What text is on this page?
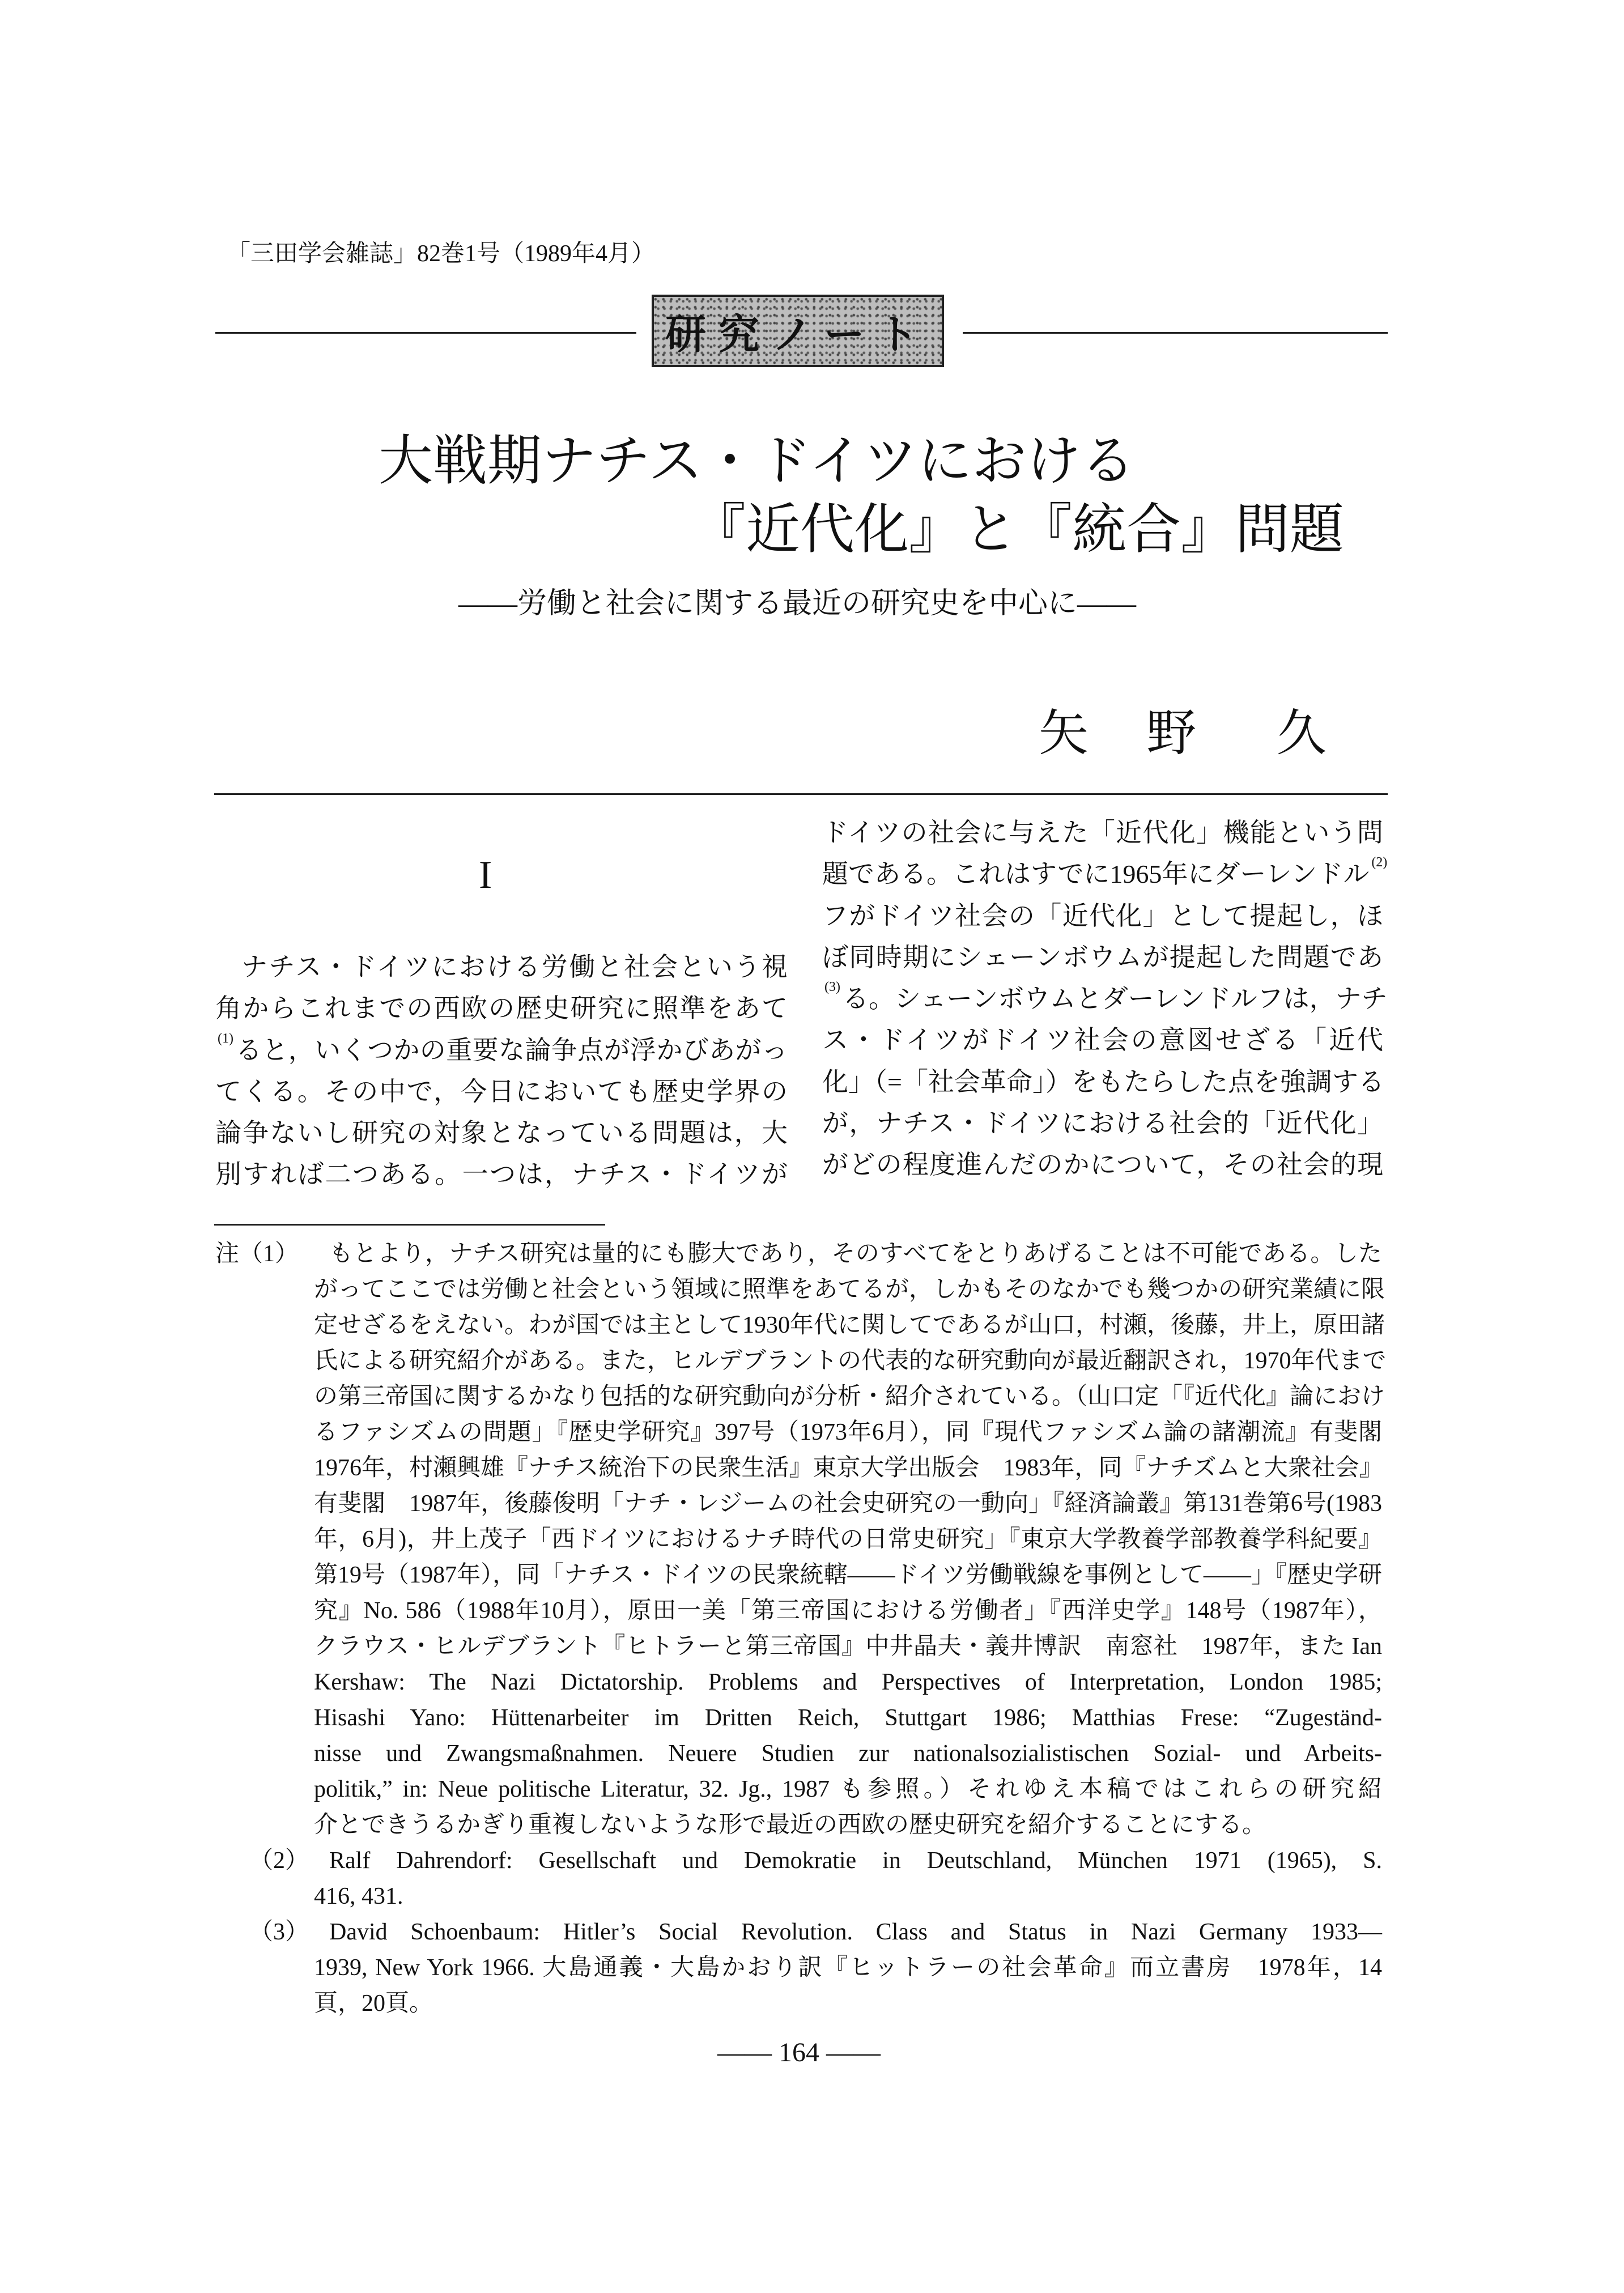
「三田学会雑誌」82巻1号（1989年4月）
研究ノート
大戦期ナチス・ドイツにおける
『近代化』と『統合』問題
――労働と社会に関する最近の研究史を中心に――
矢 野 久
I
ナチス・ドイツにおける労働と社会という視
角からこれまでの西欧の歴史研究に照準をあて
(1) ると，いくつかの重要な論争点が浮かびあがっ
てくる。その中で，今日においても歴史学界の
論争ないし研究の対象となっている問題は，大
別すれば二つある。一つは，ナチス・ドイツが
ドイツの社会に与えた「近代化」機能という問
題である。これはすでに1965年にダーレンドル (2)
フがドイツ社会の「近代化」として提起し，ほ
ぼ同時期にシェーンボウムが提起した問題であ
(3) る。シェーンボウムとダーレンドルフは，ナチ
ス・ドイツがドイツ社会の意図せざる「近代
化」（=「社会革命」）をもたらした点を強調する
が，ナチス・ドイツにおける社会的「近代化」
がどの程度進んだのかについて，その社会的現
注（1）
（2）
（3）
もとより，ナチス研究は量的にも膨大であり，そのすべてをとりあげることは不可能である。した
がってここでは労働と社会という領域に照準をあてるが，しかもそのなかでも幾つかの研究業績に限
定せざるをえない。わが国では主として1930年代に関してであるが山口，村瀬，後藤，井上，原田諸
氏による研究紹介がある。また，ヒルデブラントの代表的な研究動向が最近翻訳され，1970年代まで
の第三帝国に関するかなり包括的な研究動向が分析・紹介されている。（山口定「『近代化』論におけ
るファシズムの問題」『歴史学研究』397号（1973年6月），同『現代ファシズム論の諸潮流』有斐閣
1976年，村瀬興雄『ナチス統治下の民衆生活』東京大学出版会　1983年，同『ナチズムと大衆社会』
有斐閣　1987年，後藤俊明「ナチ・レジームの社会史研究の一動向」『経済論叢』第131巻第6号(1983
年，6月)，井上茂子「西ドイツにおけるナチ時代の日常史研究」『東京大学教養学部教養学科紀要』
第19号（1987年），同「ナチス・ドイツの民衆統轄――ドイツ労働戦線を事例として――」『歴史学研
究』No. 586（1988年10月），原田一美「第三帝国における労働者」『西洋史学』148号（1987年），
クラウス・ヒルデブラント『ヒトラーと第三帝国』中井晶夫・義井博訳　南窓社　1987年，また Ian
Kershaw: The Nazi Dictatorship. Problems and Perspectives of Interpretation, London 1985;
Hisashi Yano: Hüttenarbeiter im Dritten Reich, Stuttgart 1986; Matthias Frese: “Zugeständ-
nisse und Zwangsmaßnahmen. Neuere Studien zur nationalsozialistischen Sozial- und Arbeits-
politik,” in: Neue politische Literatur, 32. Jg., 1987 も参照。）それゆえ本稿ではこれらの研究紹
介とできうるかぎり重複しないような形で最近の西欧の歴史研究を紹介することにする。
Ralf Dahrendorf: Gesellschaft und Demokratie in Deutschland, München 1971 (1965), S.
416, 431.
David Schoenbaum: Hitler’s Social Revolution. Class and Status in Nazi Germany 1933—
1939, New York 1966. 大島通義・大島かおり訳『ヒットラーの社会革命』而立書房　1978年，14
頁，20頁。
―― 164 ――
